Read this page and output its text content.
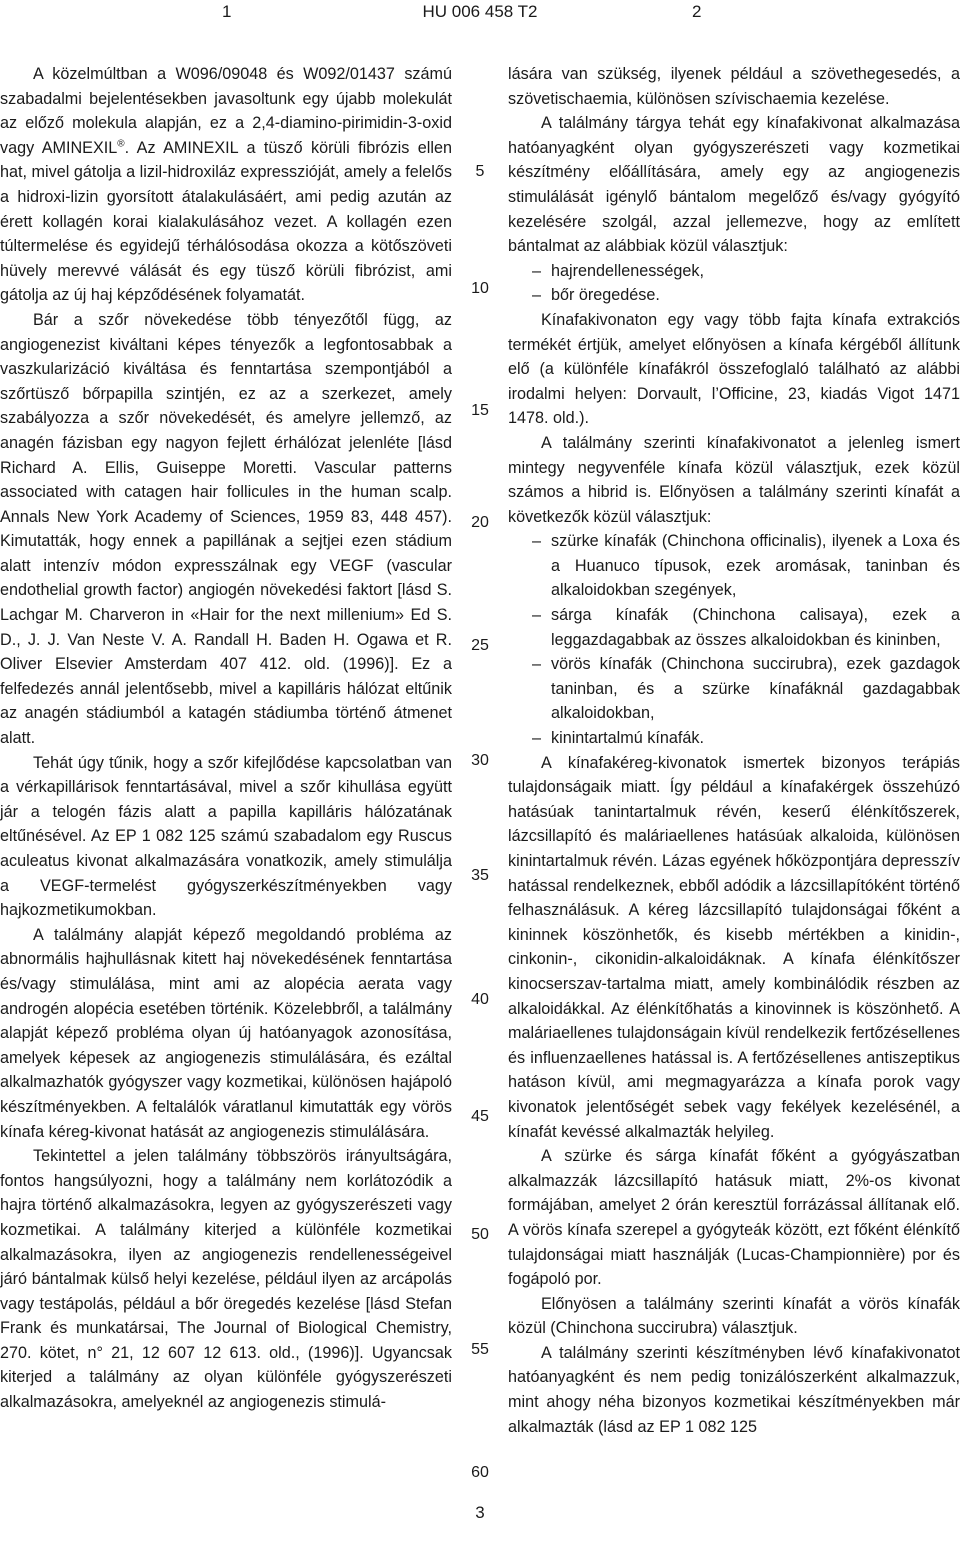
1	HU 006 458 T2	2

A közelmúltban a W096/09048 és W092/01437 számú szabadalmi bejelentésekben javasoltunk egy újabb molekulát az előző molekula alapján, ez a 2,4-diamino-pirimidin-3-oxid vagy AMINEXIL®. Az AMINEXIL a tüsző körüli fibrózis ellen hat, mivel gátolja a lizil-hidroxiláz expresszióját, amely a felelős a hidroxi-lizin gyorsított átalakulásáért, ami pedig azután az érett kollagén korai kialakulásához vezet. A kollagén ezen túltermelése és egyidejű térhálósodása okozza a kötőszöveti hüvely merevvé válását és egy tüsző körüli fibrózist, ami gátolja az új haj képződésének folyamatát.

Bár a szőr növekedése több tényezőtől függ, az angiogenezist kiváltani képes tényezők a legfontosabbak a vaszkularizáció kiváltása és fenntartása szempontjából a szőrtüsző bőrpapilla szintjén, ez az a szerkezet, amely szabályozza a szőr növekedését, és amelyre jellemző, az anagén fázisban egy nagyon fejlett érhálózat jelenléte [lásd Richard A. Ellis, Guiseppe Moretti. Vascular patterns associated with catagen hair follicules in the human scalp. Annals New York Academy of Sciences, 1959 83, 448 457). Kimutatták, hogy ennek a papillának a sejtjei ezen stádium alatt intenzív módon expresszálnak egy VEGF (vascular endothelial growth factor) angiogén növekedési faktort [lásd S. Lachgar M. Charveron in «Hair for the next millenium» Ed S. D., J. J. Van Neste V. A. Randall H. Baden H. Ogawa et R. Oliver Elsevier Amsterdam 407 412. old. (1996)]. Ez a felfedezés annál jelentősebb, mivel a kapilláris hálózat eltűnik az anagén stádiumból a katagén stádiumba történő átmenet alatt.

Tehát úgy tűnik, hogy a szőr kifejlődése kapcsolatban van a vérkapillárisok fenntartásával, mivel a szőr kihullása együtt jár a telogén fázis alatt a papilla kapilláris hálózatának eltűnésével. Az EP 1 082 125 számú szabadalom egy Ruscus aculeatus kivonat alkalmazására vonatkozik, amely stimulálja a VEGF-termelést gyógyszerkészítményekben vagy hajkozmetikumokban.

A találmány alapját képező megoldandó probléma az abnormális hajhullásnak kitett haj növekedésének fenntartása és/vagy stimulálása, mint ami az alopécia aerata vagy androgén alopécia esetében történik. Közelebbről, a találmány alapját képező probléma olyan új hatóanyagok azonosítása, amelyek képesek az angiogenezis stimulálására, és ezáltal alkalmazhatók gyógyszer vagy kozmetikai, különösen hajápoló készítményekben. A feltalálók váratlanul kimutatták egy vörös kínafa kéreg-kivonat hatását az angiogenezis stimulálására.

Tekintettel a jelen találmány többszörös irányultságára, fontos hangsúlyozni, hogy a találmány nem korlátozódik a hajra történő alkalmazásokra, legyen az gyógyszerészeti vagy kozmetikai. A találmány kiterjed a különféle kozmetikai alkalmazásokra, ilyen az angiogenezis rendellenességeivel járó bántalmak külső helyi kezelése, például ilyen az arcápolás vagy testápolás, például a bőr öregedés kezelése [lásd Stefan Frank és munkatársai, The Journal of Biological Chemistry, 270. kötet, n° 21, 12 607 12 613. old., (1996)]. Ugyancsak kiterjed a találmány az olyan különféle gyógyszerészeti alkalmazásokra, amelyeknél az angiogenezis stimulá-

5
10
15
20
25
30
35
40
45
50
55
60

lására van szükség, ilyenek például a szövethegesedés, a szövetischaemia, különösen szívischaemia kezelése.

A találmány tárgya tehát egy kínafakivonat alkalmazása hatóanyagként olyan gyógyszerészeti vagy kozmetikai készítmény előállítására, amely egy az angiogenezis stimulálását igénylő bántalom megelőző és/vagy gyógyító kezelésére szolgál, azzal jellemezve, hogy az említett bántalmat az alábbiak közül választjuk:

– hajrendellenességek,
– bőr öregedése.

Kínafakivonaton egy vagy több fajta kínafa extrakciós termékét értjük, amelyet előnyösen a kínafa kérgéből állítunk elő (a különféle kínafákról összefoglaló található az alábbi irodalmi helyen: Dorvault, l’Officine, 23, kiadás Vigot 1471 1478. old.).

A találmány szerinti kínafakivonatot a jelenleg ismert mintegy negyvenféle kínafa közül választjuk, ezek közül számos a hibrid is. Előnyösen a találmány szerinti kínafát a következők közül választjuk:

– szürke kínafák (Chinchona officinalis), ilyenek a Loxa és a Huanuco típusok, ezek aromásak, taninban és alkaloidokban szegények,
– sárga kínafák (Chinchona calisaya), ezek a leggazdagabbak az összes alkaloidokban és kininben,
– vörös kínafák (Chinchona succirubra), ezek gazdagok taninban, és a szürke kínafáknál gazdagabbak alkaloidokban,
– kinintartalmú kínafák.

A kínafakéreg-kivonatok ismertek bizonyos terápiás tulajdonságaik miatt. Így például a kínafakérgek összehúzó hatásúak tanintartalmuk révén, keserű élénkítőszerek, lázcsillapító és maláriaellenes hatásúak alkaloida, különösen kinintartalmuk révén. Lázas egyének hőközpontjára depresszív hatással rendelkeznek, ebből adódik a lázcsillapítóként történő felhasználásuk. A kéreg lázcsillapító tulajdonságai főként a kininnek köszönhetők, és kisebb mértékben a kinidin-, cinkonin-, cikonidin-alkaloidáknak. A kínafa élénkítőszer kinocserszav-tartalma miatt, amely kombinálódik részben az alkaloidákkal. Az élénkítőhatás a kinovinnek is köszönhető. A maláriaellenes tulajdonságain kívül rendelkezik fertőzésellenes és influenzaellenes hatással is. A fertőzésellenes antiszeptikus hatáson kívül, ami megmagyarázza a kínafa porok vagy kivonatok jelentőségét sebek vagy fekélyek kezelésénél, a kínafát kevéssé alkalmazták helyileg.

A szürke és sárga kínafát főként a gyógyászatban alkalmazzák lázcsillapító hatásuk miatt, 2%-os kivonat formájában, amelyet 2 órán keresztül forrázással állítanak elő. A vörös kínafa szerepel a gyógyteák között, ezt főként élénkítő tulajdonságai miatt használják (Lucas-Championnière) por és fogápoló por.

Előnyösen a találmány szerinti kínafát a vörös kínafák közül (Chinchona succirubra) választjuk.

A találmány szerinti készítményben lévő kínafakivonatot hatóanyagként és nem pedig tonizálószerként alkalmazzuk, mint ahogy néha bizonyos kozmetikai készítményekben már alkalmazták (lásd az EP 1 082 125

3
